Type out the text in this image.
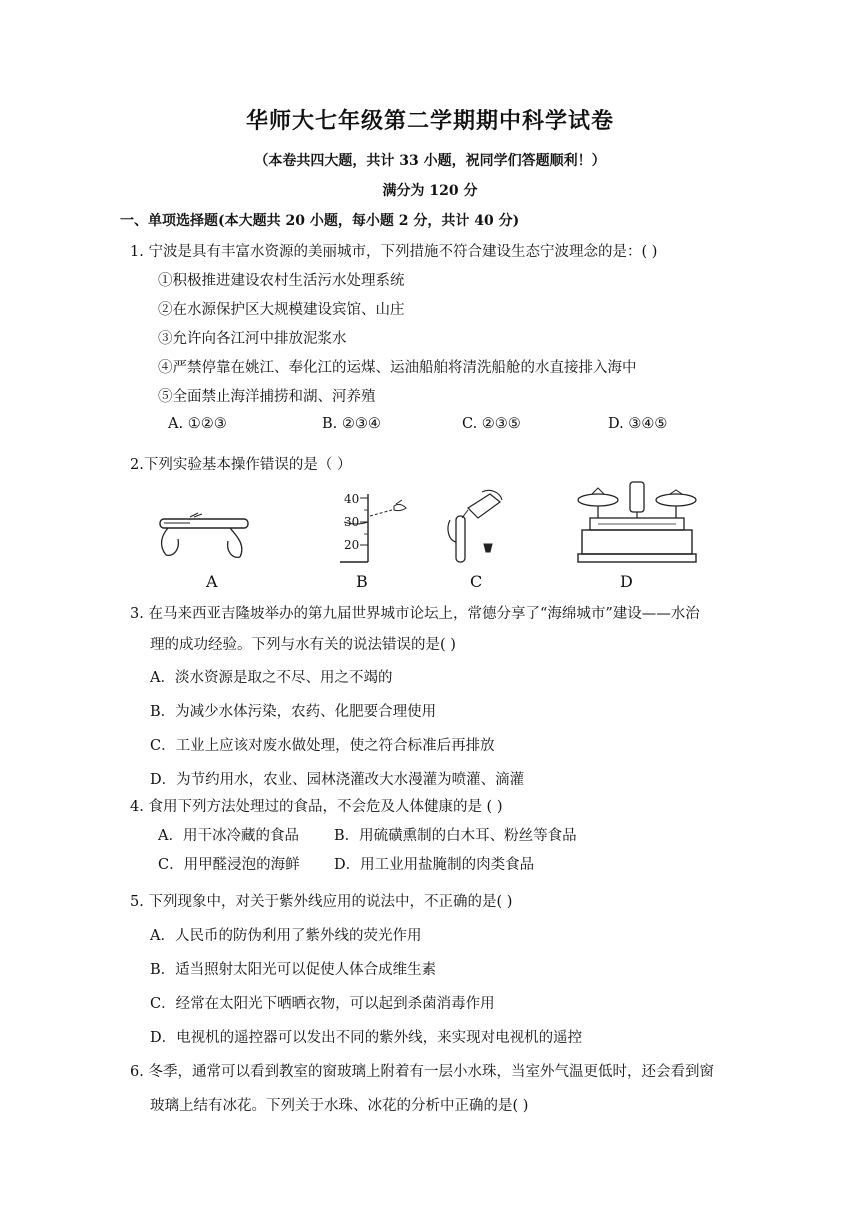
华师大七年级第二学期期中科学试卷
（本卷共四大题，共计 33 小题，祝同学们答题顺利！）
满分为 120 分
一、单项选择题(本大题共 20 小题，每小题 2 分，共计 40 分)
1. 宁波是具有丰富水资源的美丽城市，下列措施不符合建设生态宁波理念的是：( )
①积极推进建设农村生活污水处理系统
②在水源保护区大规模建设宾馆、山庄
③允许向各江河中排放泥浆水
④严禁停靠在姚江、奉化江的运煤、运油船舶将清洗船舱的水直接排入海中
⑤全面禁止海洋捕捞和湖、河养殖
A. ①②③	B. ②③④	C. ②③⑤	D. ③④⑤
2.下列实验基本操作错误的是（ ）
A
40
30
20
B	C	D
3. 在马来西亚吉隆坡举办的第九届世界城市论坛上，常德分享了“海绵城市”建设——水治
理的成功经验。下列与水有关的说法错误的是( )
A．淡水资源是取之不尽、用之不竭的
B．为减少水体污染，农药、化肥要合理使用
C．工业上应该对废水做处理，使之符合标准后再排放
D．为节约用水，农业、园林浇灌改大水漫灌为喷灌、滴灌
4. 食用下列方法处理过的食品，不会危及人体健康的是 ( )
A．用干冰冷藏的食品 B．用硫磺熏制的白木耳、粉丝等食品
C．用甲醛浸泡的海鲜 D．用工业用盐腌制的肉类食品
5. 下列现象中，对关于紫外线应用的说法中，不正确的是( )
A．人民币的防伪利用了紫外线的荧光作用
B．适当照射太阳光可以促使人体合成维生素
C．经常在太阳光下晒晒衣物，可以起到杀菌消毒作用
D．电视机的遥控器可以发出不同的紫外线，来实现对电视机的遥控
6. 冬季，通常可以看到教室的窗玻璃上附着有一层小水珠，当室外气温更低时，还会看到窗
玻璃上结有冰花。下列关于水珠、冰花的分析中正确的是( )
